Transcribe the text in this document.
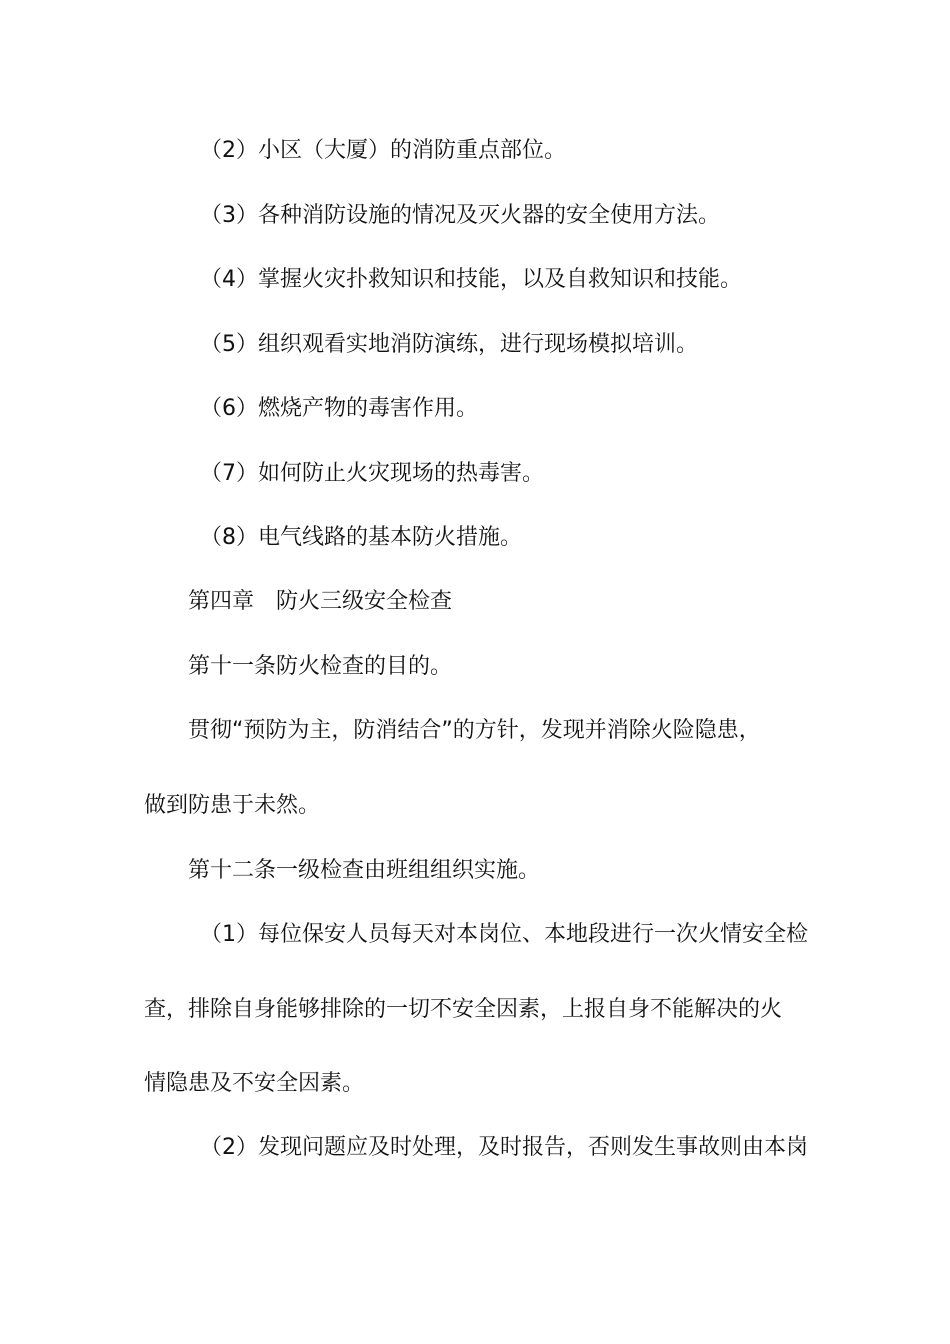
（2）小区（大厦）的消防重点部位。
（3）各种消防设施的情况及灭火器的安全使用方法。
（4）掌握火灾扑救知识和技能，以及自救知识和技能。
（5）组织观看实地消防演练，进行现场模拟培训。
（6）燃烧产物的毒害作用。
（7）如何防止火灾现场的热毒害。
（8）电气线路的基本防火措施。
第四章　防火三级安全检查
第十一条防火检查的目的。
贯彻“预防为主，防消结合”的方针，发现并消除火险隐患，
做到防患于未然。
第十二条一级检查由班组组织实施。
（1）每位保安人员每天对本岗位、本地段进行一次火情安全检
查，排除自身能够排除的一切不安全因素，上报自身不能解决的火
情隐患及不安全因素。
（2）发现问题应及时处理，及时报告，否则发生事故则由本岗
